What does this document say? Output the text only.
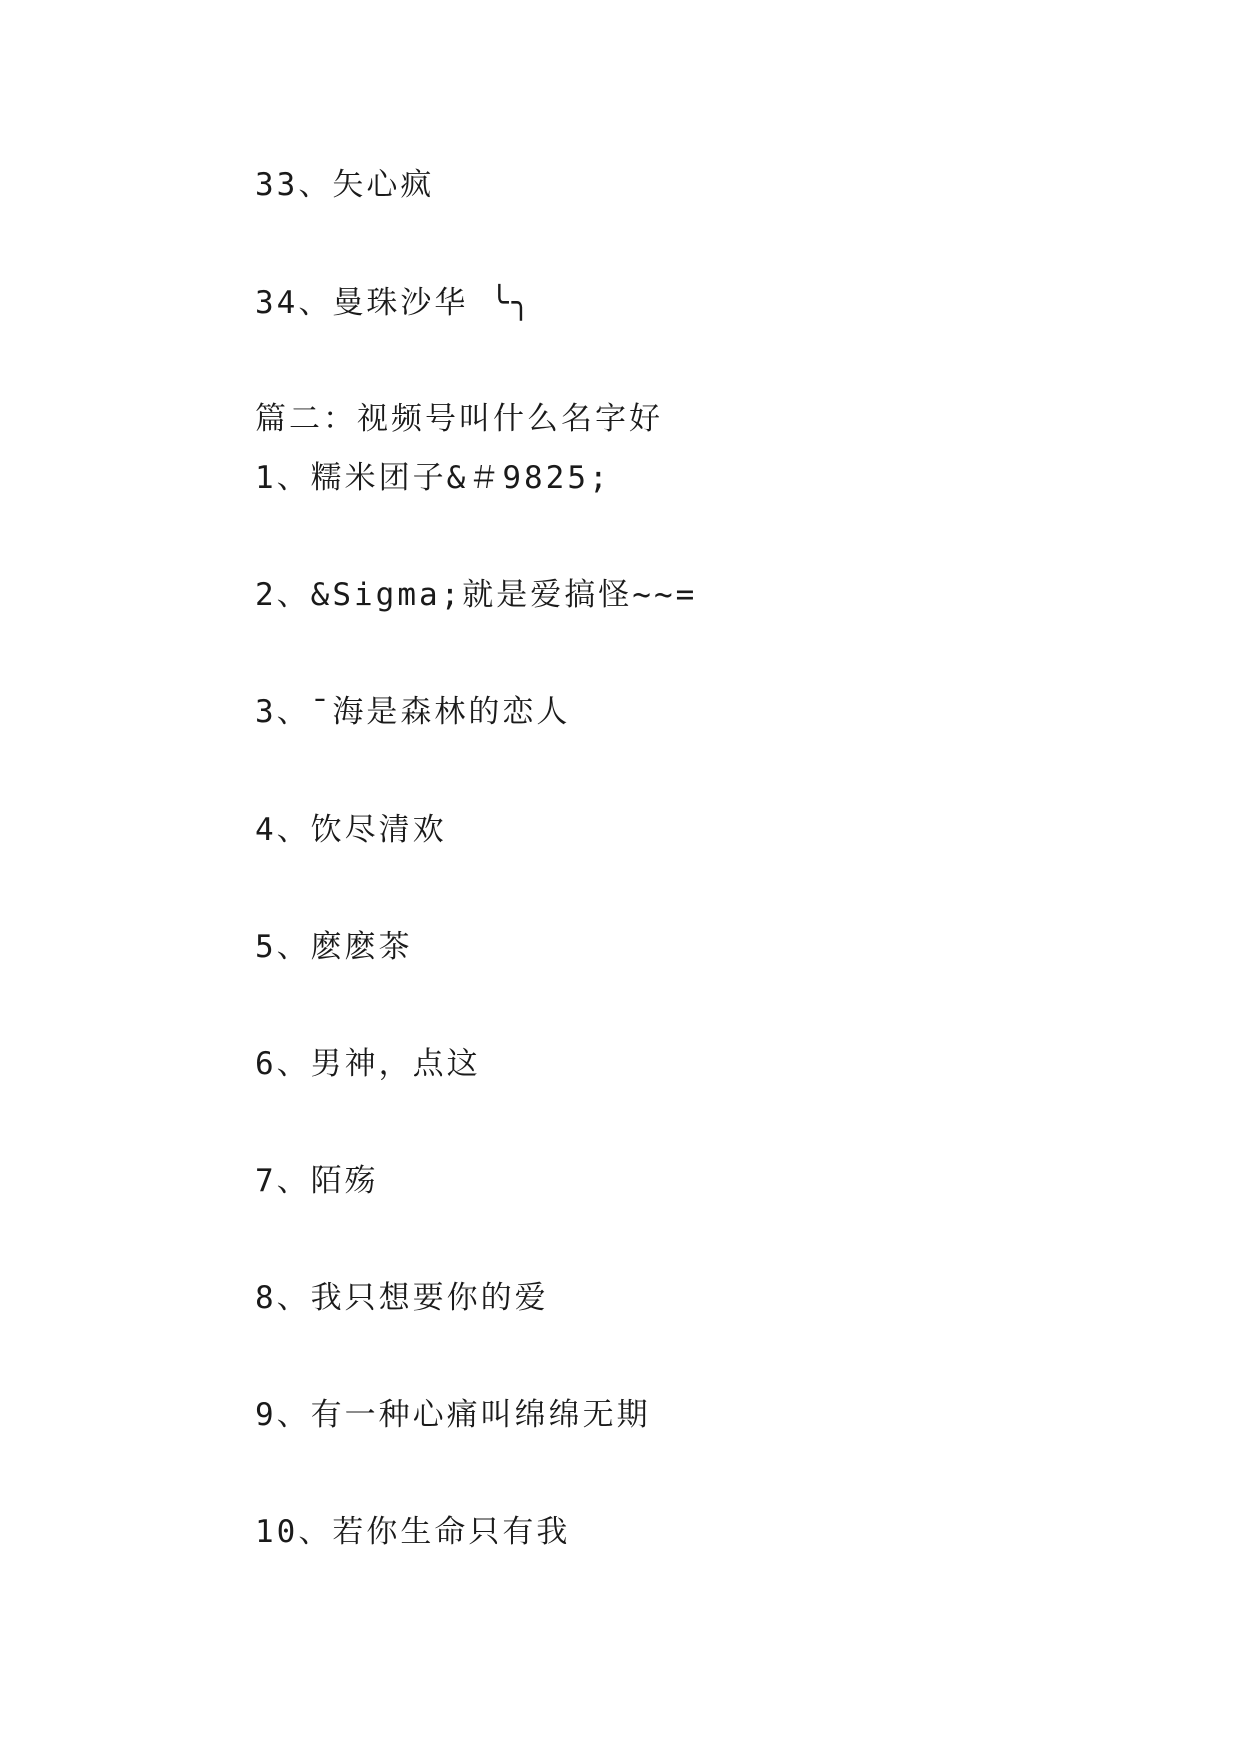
33、矢心疯

34、曼珠沙华 ╰╮

篇二：视频号叫什么名字好

1、糯米团子&＃9825;

2、&Sigma;就是爱搞怪~~=

3、¯海是森林的恋人

4、饮尽清欢

5、麽麽茶

6、男神，点这

7、陌殇

8、我只想要你的爱

9、有一种心痛叫绵绵无期

10、若你生命只有我
